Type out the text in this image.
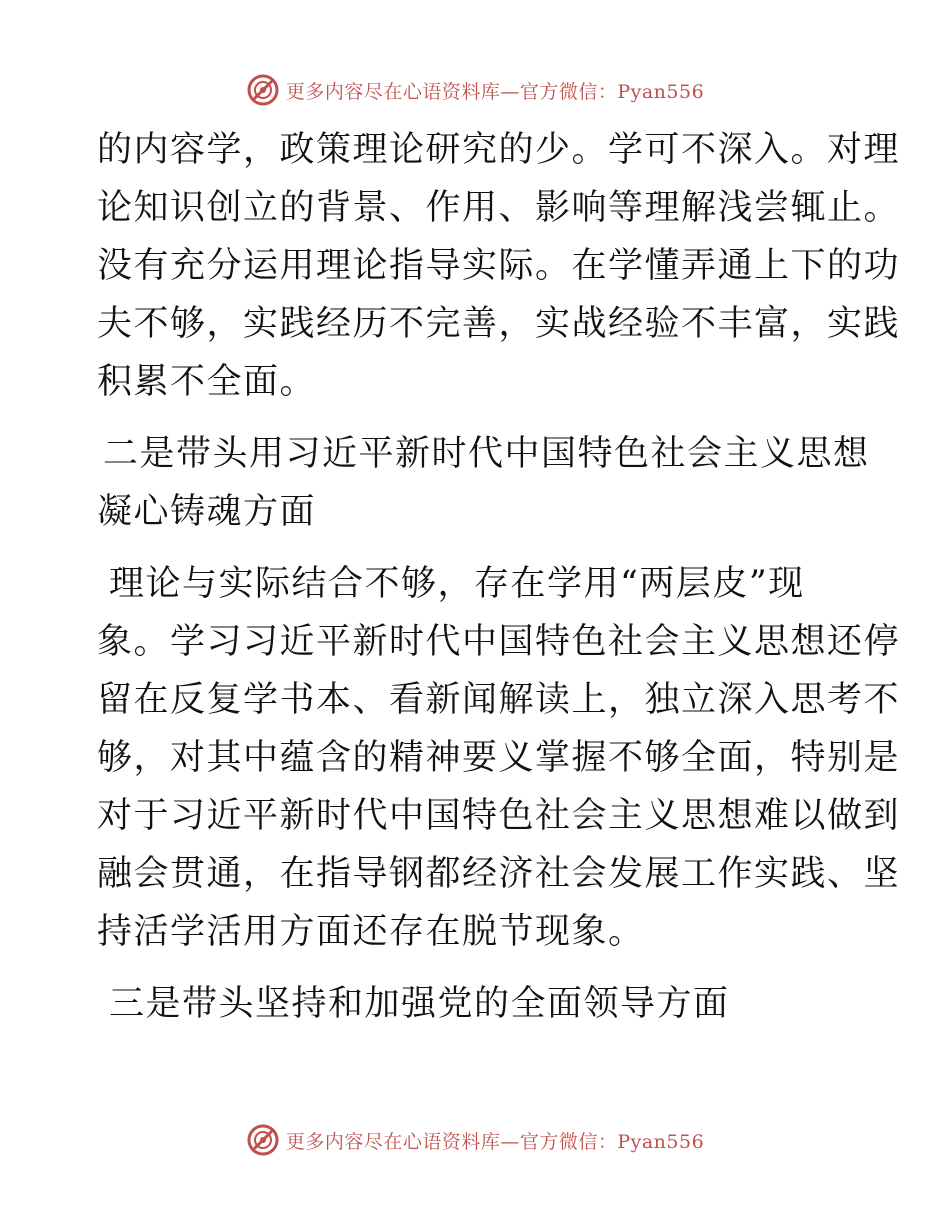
更多内容尽在心语资料库—官方微信：Pyan556

的内容学，政策理论研究的少。学可不深入。对理
论知识创立的背景、作用、影响等理解浅尝辄止。
没有充分运用理论指导实际。在学懂弄通上下的功
夫不够，实践经历不完善，实战经验不丰富，实践
积累不全面。

二是带头用习近平新时代中国特色社会主义思想
凝心铸魂方面

理论与实际结合不够，存在学用“两层皮”现
象。学习习近平新时代中国特色社会主义思想还停
留在反复学书本、看新闻解读上，独立深入思考不
够，对其中蕴含的精神要义掌握不够全面，特别是
对于习近平新时代中国特色社会主义思想难以做到
融会贯通，在指导钢都经济社会发展工作实践、坚
持活学活用方面还存在脱节现象。

三是带头坚持和加强党的全面领导方面

更多内容尽在心语资料库—官方微信：Pyan556
